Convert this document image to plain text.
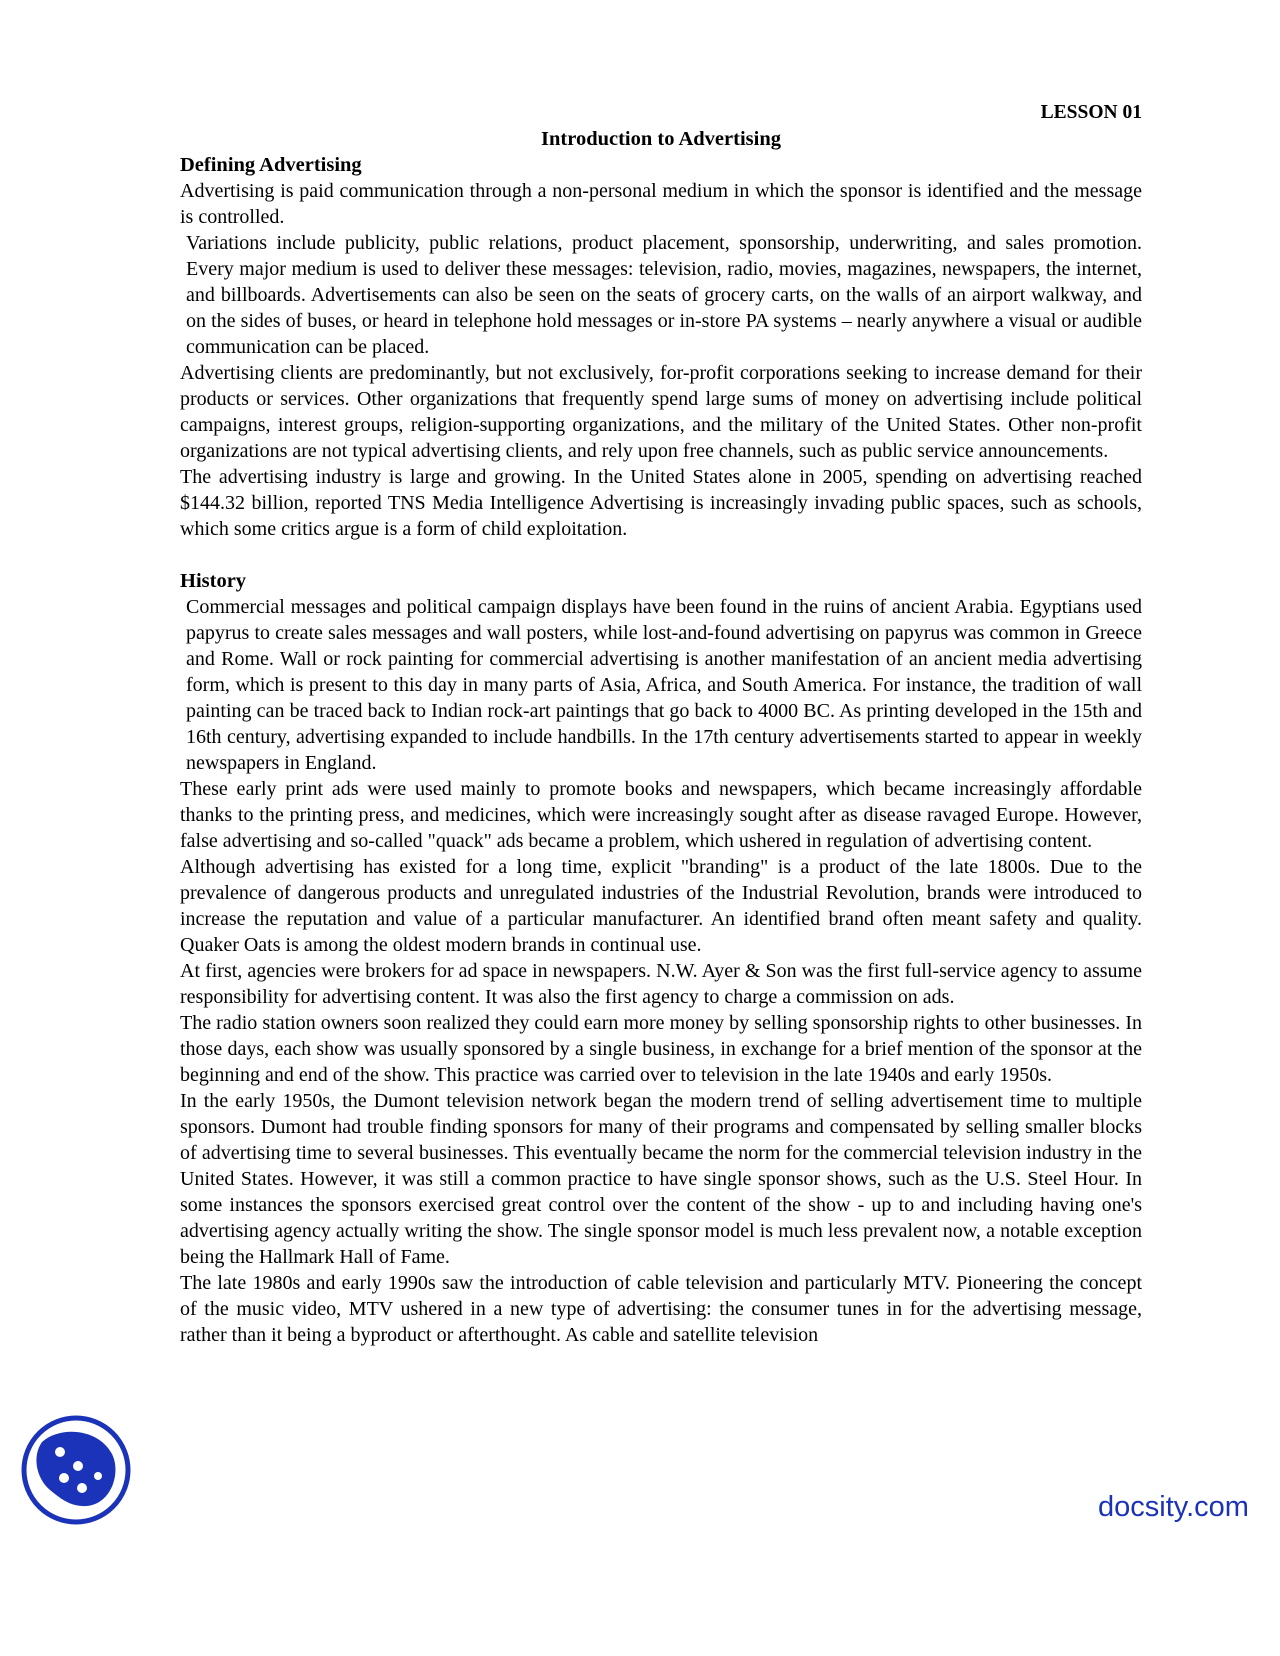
LESSON 01

Introduction to Advertising

Defining Advertising

Advertising is paid communication through a non-personal medium in which the sponsor is identified and the message is controlled.

Variations include publicity, public relations, product placement, sponsorship, underwriting, and sales promotion. Every major medium is used to deliver these messages: television, radio, movies, magazines, newspapers, the internet, and billboards. Advertisements can also be seen on the seats of grocery carts, on the walls of an airport walkway, and on the sides of buses, or heard in telephone hold messages or in-store PA systems – nearly anywhere a visual or audible communication can be placed.

Advertising clients are predominantly, but not exclusively, for-profit corporations seeking to increase demand for their products or services. Other organizations that frequently spend large sums of money on advertising include political campaigns, interest groups, religion-supporting organizations, and the military of the United States. Other non-profit organizations are not typical advertising clients, and rely upon free channels, such as public service announcements.

The advertising industry is large and growing. In the United States alone in 2005, spending on advertising reached $144.32 billion, reported TNS Media Intelligence Advertising is increasingly invading public spaces, such as schools, which some critics argue is a form of child exploitation.

History

Commercial messages and political campaign displays have been found in the ruins of ancient Arabia. Egyptians used papyrus to create sales messages and wall posters, while lost-and-found advertising on papyrus was common in Greece and Rome. Wall or rock painting for commercial advertising is another manifestation of an ancient media advertising form, which is present to this day in many parts of Asia, Africa, and South America. For instance, the tradition of wall painting can be traced back to Indian rock-art paintings that go back to 4000 BC. As printing developed in the 15th and 16th century, advertising expanded to include handbills. In the 17th century advertisements started to appear in weekly newspapers in England.

These early print ads were used mainly to promote books and newspapers, which became increasingly affordable thanks to the printing press, and medicines, which were increasingly sought after as disease ravaged Europe. However, false advertising and so-called "quack" ads became a problem, which ushered in regulation of advertising content.

Although advertising has existed for a long time, explicit "branding" is a product of the late 1800s. Due to the prevalence of dangerous products and unregulated industries of the Industrial Revolution, brands were introduced to increase the reputation and value of a particular manufacturer. An identified brand often meant safety and quality. Quaker Oats is among the oldest modern brands in continual use.

At first, agencies were brokers for ad space in newspapers. N.W. Ayer & Son was the first full-service agency to assume responsibility for advertising content. It was also the first agency to charge a commission on ads.

The radio station owners soon realized they could earn more money by selling sponsorship rights to other businesses. In those days, each show was usually sponsored by a single business, in exchange for a brief mention of the sponsor at the beginning and end of the show. This practice was carried over to television in the late 1940s and early 1950s.

In the early 1950s, the Dumont television network began the modern trend of selling advertisement time to multiple sponsors. Dumont had trouble finding sponsors for many of their programs and compensated by selling smaller blocks of advertising time to several businesses. This eventually became the norm for the commercial television industry in the United States. However, it was still a common practice to have single sponsor shows, such as the U.S. Steel Hour. In some instances the sponsors exercised great control over the content of the show - up to and including having one's advertising agency actually writing the show. The single sponsor model is much less prevalent now, a notable exception being the Hallmark Hall of Fame.

The late 1980s and early 1990s saw the introduction of cable television and particularly MTV. Pioneering the concept of the music video, MTV ushered in a new type of advertising: the consumer tunes in for the advertising message, rather than it being a byproduct or afterthought. As cable and satellite television

docsity.com
